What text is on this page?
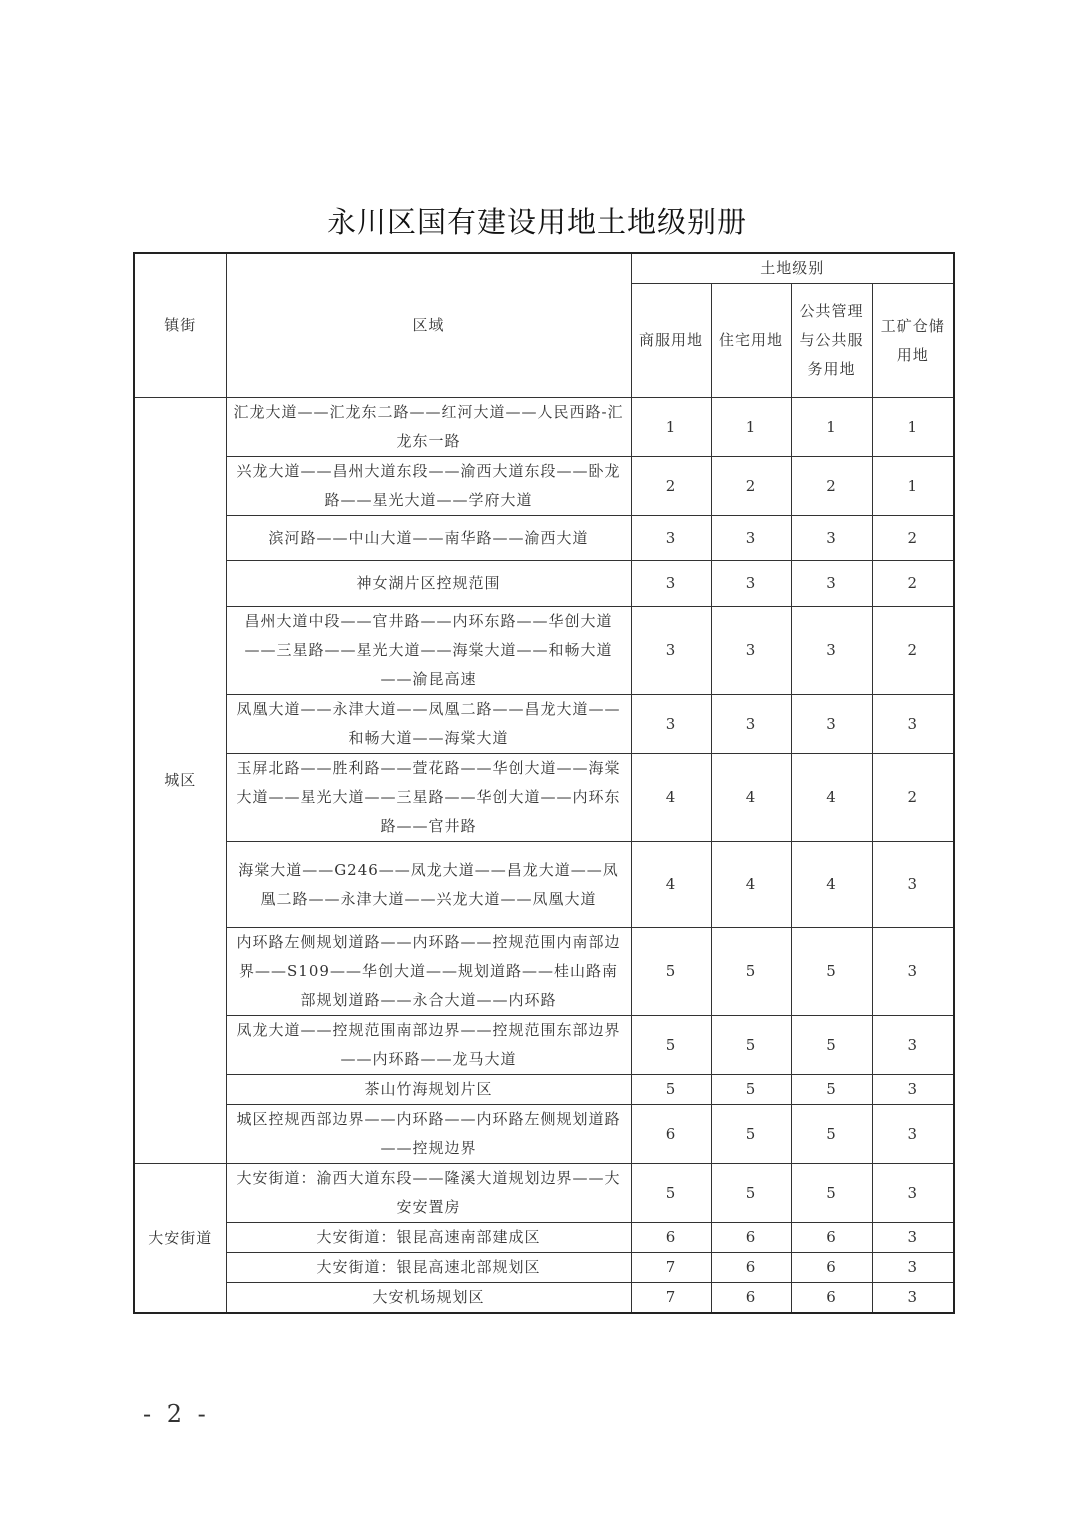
永川区国有建设用地土地级别册
镇街	区域	土地级别			
		商服用地	住宅用地	公共管理与公共服务用地	工矿仓储用地
城区	汇龙大道——汇龙东二路——红河大道——人民西路-汇龙东一路	1	1	1	1
	兴龙大道——昌州大道东段——渝西大道东段——卧龙路——星光大道——学府大道	2	2	2	1
	滨河路——中山大道——南华路——渝西大道	3	3	3	2
	神女湖片区控规范围	3	3	3	2
	昌州大道中段——官井路——内环东路——华创大道——三星路——星光大道——海棠大道——和畅大道——渝昆高速	3	3	3	2
	凤凰大道——永津大道——凤凰二路——昌龙大道——和畅大道——海棠大道	3	3	3	3
	玉屏北路——胜利路——萱花路——华创大道——海棠大道——星光大道——三星路——华创大道——内环东路——官井路	4	4	4	2
	海棠大道——G246——凤龙大道——昌龙大道——凤凰二路——永津大道——兴龙大道——凤凰大道	4	4	4	3
	内环路左侧规划道路——内环路——控规范围内南部边界——S109——华创大道——规划道路——桂山路南部规划道路——永合大道——内环路	5	5	5	3
	凤龙大道——控规范围南部边界——控规范围东部边界——内环路——龙马大道	5	5	5	3
	茶山竹海规划片区	5	5	5	3
	城区控规西部边界——内环路——内环路左侧规划道路——控规边界	6	5	5	3
大安街道	大安街道：渝西大道东段——隆溪大道规划边界——大安安置房	5	5	5	3
	大安街道：银昆高速南部建成区	6	6	6	3
	大安街道：银昆高速北部规划区	7	6	6	3
	大安机场规划区	7	6	6	3
- 2 -
